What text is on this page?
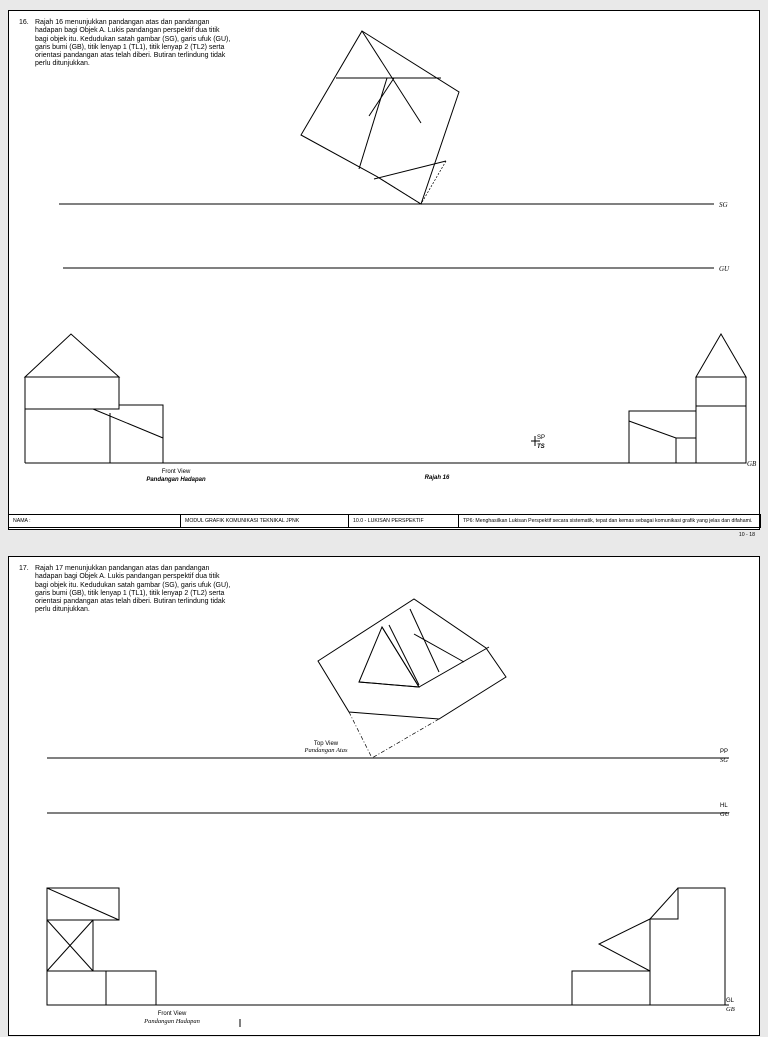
16. Rajah 16 menunjukkan pandangan atas dan pandangan hadapan bagi Objek A. Lukis pandangan perspektif dua titik bagi objek itu. Kedudukan satah gambar (SG), garis ufuk (GU), garis bumi (GB), titik lenyap 1 (TL1), titik lenyap 2 (TL2) serta orientasi pandangan atas telah diberi. Butiran terlindung tidak perlu ditunjukkan.
SG
GU
GB
SP
TS
Front View
Pandangan Hadapan	Rajah 16
NAMA :	MODUL GRAFIK KOMUNIKASI TEKNIKAL JPNK	10.0 - LUKISAN PERSPEKTIF	TP6: Menghasilkan Lukisan Perspektif secara sistematik, tepat dan kemas sebagai komunikasi grafik yang jelas dan difahami.
10 - 18
17. Rajah 17 menunjukkan pandangan atas dan pandangan hadapan bagi Objek A. Lukis pandangan perspektif dua titik bagi objek itu. Kedudukan satah gambar (SG), garis ufuk (GU), garis bumi (GB), titik lenyap 1 (TL1), titik lenyap 2 (TL2) serta orientasi pandangan atas telah diberi. Butiran terlindung tidak perlu ditunjukkan.
Top View
Pandangan Atas	PP
SG
HL
GU
GL
GB
Front View
Pandangan Hadapan
